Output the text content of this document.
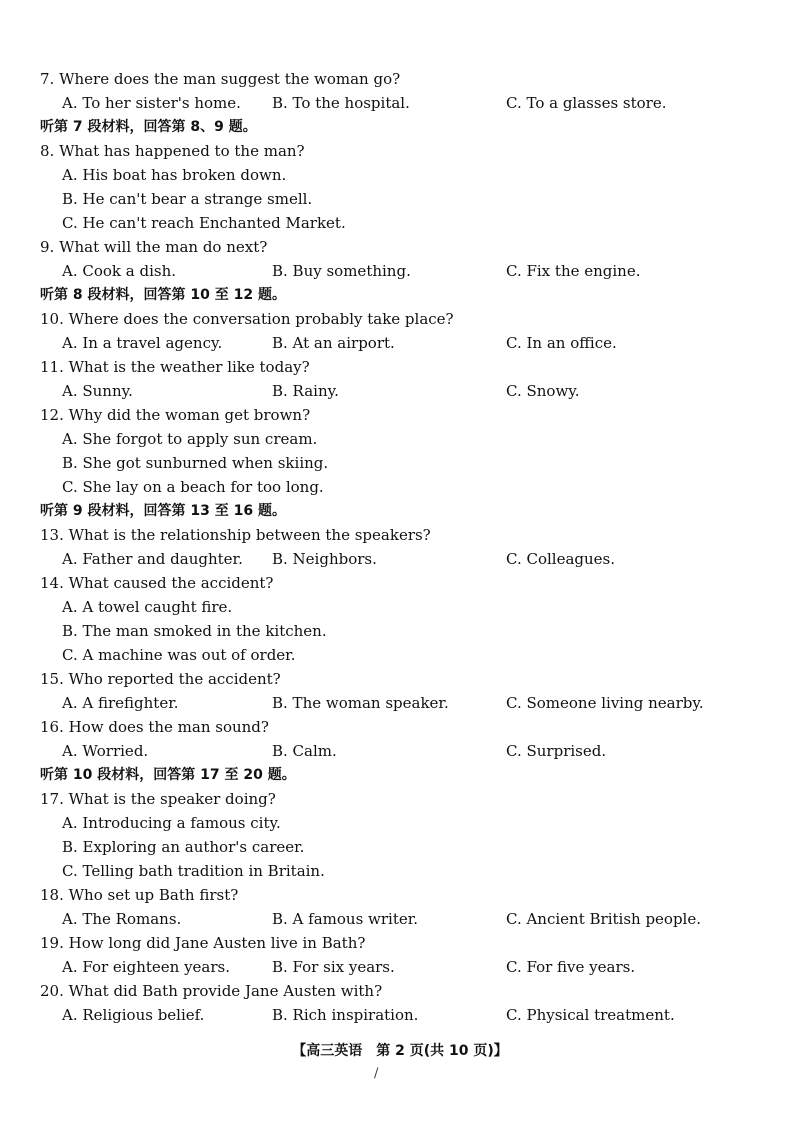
7. Where does the man suggest the woman go?
A. To her sister's home. B. To the hospital.	C. To a glasses store.
听第 7 段材料，回答第 8、9 题。
8. What has happened to the man?
A. His boat has broken down.
B. He can't bear a strange smell.
C. He can't reach Enchanted Market.
9. What will the man do next?
A. Cook a dish.	B. Buy something.	C. Fix the engine.
听第 8 段材料，回答第 10 至 12 题。
10. Where does the conversation probably take place?
A. In a travel agency.	B. At an airport.	C. In an office.
11. What is the weather like today?
A. Sunny.	B. Rainy.	C. Snowy.
12. Why did the woman get brown?
A. She forgot to apply sun cream.
B. She got sunburned when skiing.
C. She lay on a beach for too long.
听第 9 段材料，回答第 13 至 16 题。
13. What is the relationship between the speakers?
A. Father and daughter. B. Neighbors.	C. Colleagues.
14. What caused the accident?
A. A towel caught fire.
B. The man smoked in the kitchen.
C. A machine was out of order.
15. Who reported the accident?
A. A firefighter.	B. The woman speaker.	C. Someone living nearby.
16. How does the man sound?
A. Worried.	B. Calm.	C. Surprised.
听第 10 段材料，回答第 17 至 20 题。
17. What is the speaker doing?
A. Introducing a famous city.
B. Exploring an author's career.
C. Telling bath tradition in Britain.
18. Who set up Bath first?
A. The Romans.	B. A famous writer.	C. Ancient British people.
19. How long did Jane Austen live in Bath?
A. For eighteen years.	B. For six years.	C. For five years.
20. What did Bath provide Jane Austen with?
A. Religious belief.	B. Rich inspiration.	C. Physical treatment.
【高三英语　第 2 页(共 10 页)】
/
